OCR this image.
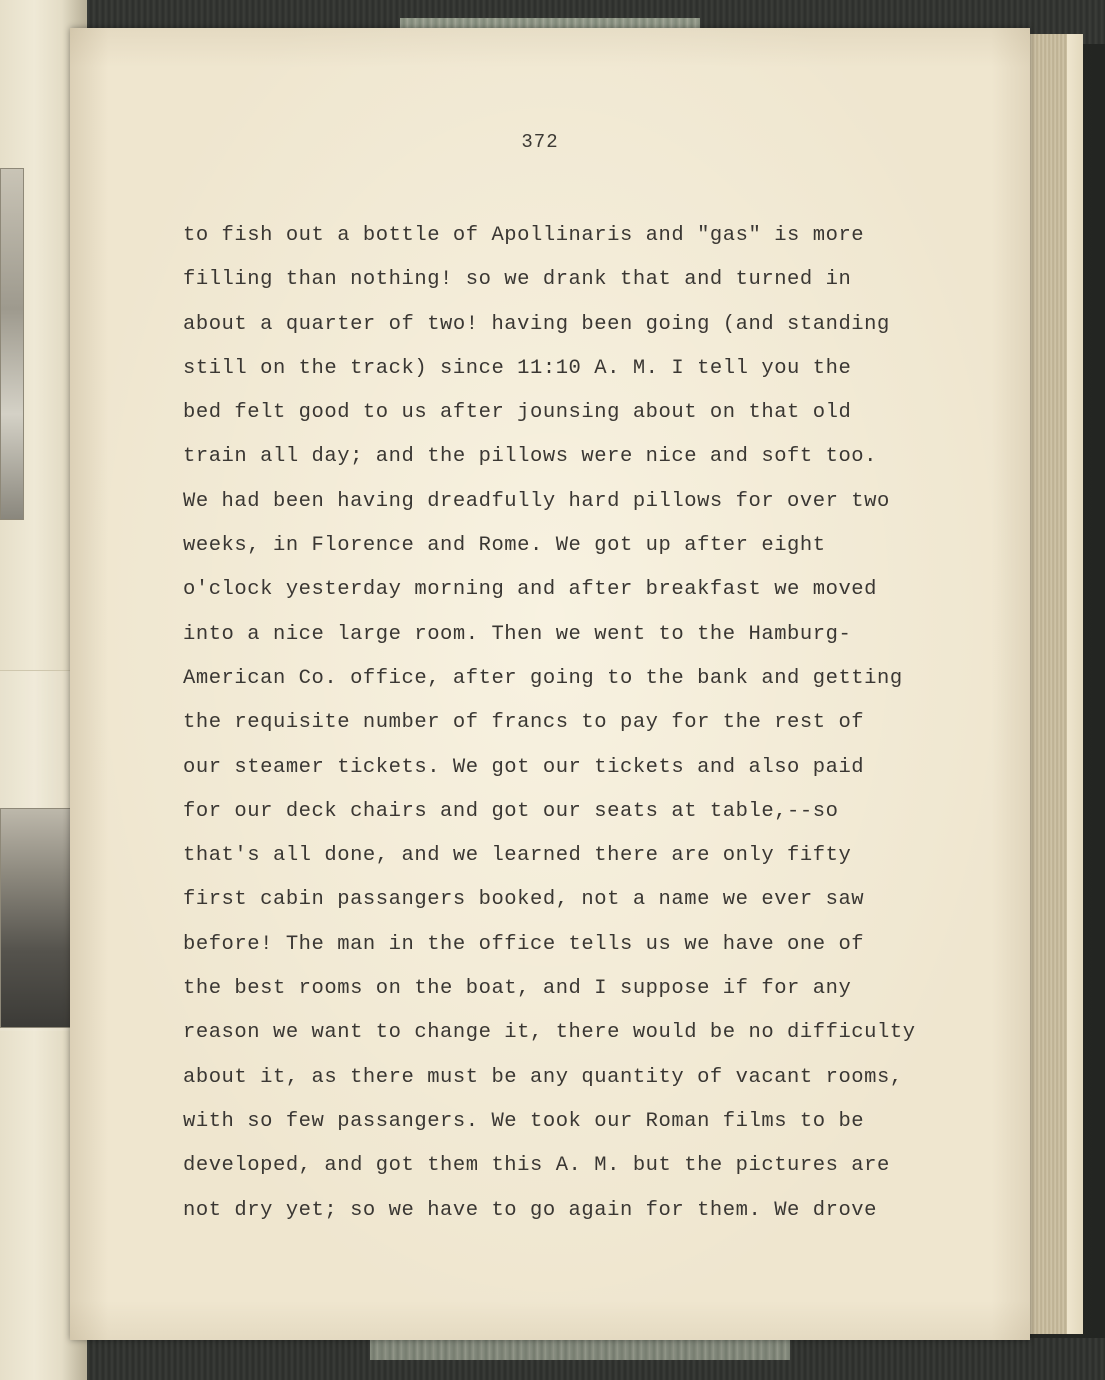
372
to fish out a bottle of Apollinaris and "gas" is more
filling than nothing! so we drank that and turned in
about a quarter of two! having been going (and standing
still on the track) since 11:10 A. M. I tell you the
bed felt good to us after jounsing about on that old
train all day; and the pillows were nice and soft too.
We had been having dreadfully hard pillows for over two
weeks, in Florence and Rome. We got up after eight
o'clock yesterday morning and after breakfast we moved
into a nice large room. Then we went to the Hamburg-
American Co. office, after going to the bank and getting
the requisite number of francs to pay for the rest of
our steamer tickets. We got our tickets and also paid
for our deck chairs and got our seats at table,--so
that's all done, and we learned there are only fifty
first cabin passangers booked, not a name we ever saw
before! The man in the office tells us we have one of
the best rooms on the boat, and I suppose if for any
reason we want to change it, there would be no difficulty
about it, as there must be any quantity of vacant rooms,
with so few passangers. We took our Roman films to be
developed, and got them this A. M. but the pictures are
not dry yet; so we have to go again for them. We drove
